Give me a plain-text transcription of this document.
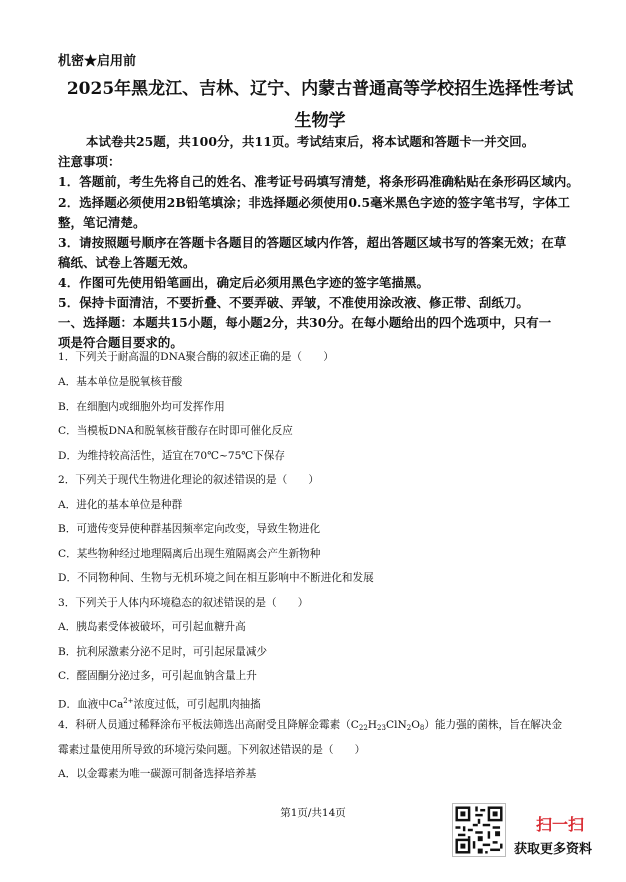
机密★启用前
2025年黑龙江、吉林、辽宁、内蒙古普通高等学校招生选择性考试
生物学
本试卷共25题，共100分，共11页。考试结束后，将本试题和答题卡一并交回。
注意事项：
1．答题前，考生先将自己的姓名、准考证号码填写清楚，将条形码准确粘贴在条形码区域内。
2．选择题必须使用2B铅笔填涂；非选择题必须使用0.5毫米黑色字迹的签字笔书写，字体工
整，笔记清楚。
3．请按照题号顺序在答题卡各题目的答题区域内作答，超出答题区域书写的答案无效；在草
稿纸、试卷上答题无效。
4．作图可先使用铅笔画出，确定后必须用黑色字迹的签字笔描黑。
5．保持卡面清洁，不要折叠、不要弄破、弄皱，不准使用涂改液、修正带、刮纸刀。
一、选择题：本题共15小题，每小题2分，共30分。在每小题给出的四个选项中，只有一
项是符合题目要求的。
1．下列关于耐高温的DNA聚合酶的叙述正确的是（　　）
A．基本单位是脱氧核苷酸
B．在细胞内或细胞外均可发挥作用
C．当模板DNA和脱氧核苷酸存在时即可催化反应
D．为维持较高活性，适宜在70℃~75℃下保存
2．下列关于现代生物进化理论的叙述错误的是（　　）
A．进化的基本单位是种群
B．可遗传变异使种群基因频率定向改变，导致生物进化
C．某些物种经过地理隔离后出现生殖隔离会产生新物种
D．不同物种间、生物与无机环境之间在相互影响中不断进化和发展
3．下列关于人体内环境稳态的叙述错误的是（　　）
A．胰岛素受体被破坏，可引起血糖升高
B．抗利尿激素分泌不足时，可引起尿量减少
C．醛固酮分泌过多，可引起血钠含量上升
D．血液中$Ca^{2+}$浓度过低，可引起肌肉抽搐
4．科研人员通过稀释涂布平板法筛选出高耐受且降解金霉素（C22H23ClN2O8）能力强的菌株，旨在解决金
霉素过量使用所导致的环境污染问题。下列叙述错误的是（　　）
A．以金霉素为唯一碳源可制备选择培养基
第1页/共14页
扫一扫
获取更多资料
